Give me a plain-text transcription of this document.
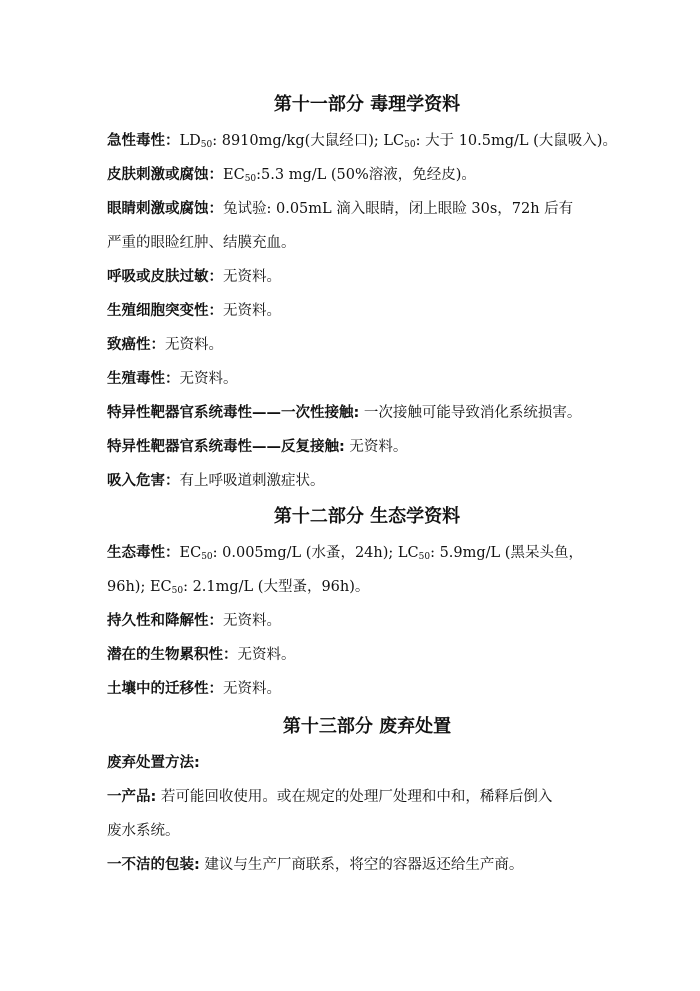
第十一部分 毒理学资料

急性毒性：$LD_{50}$: 8910mg/kg(大鼠经口); $LC_{50}$: 大于 10.5mg/L (大鼠吸入)。

皮肤刺激或腐蚀：$EC_{50}:5.3$ mg/L (50%溶液，免经皮)。

眼睛刺激或腐蚀：兔试验: 0.05mL 滴入眼睛，闭上眼睑 30s，72h 后有

严重的眼睑红肿、结膜充血。

呼吸或皮肤过敏：无资料。

生殖细胞突变性：无资料。

致癌性：无资料。

生殖毒性：无资料。

特异性靶器官系统毒性——一次性接触: 一次接触可能导致消化系统损害。

特异性靶器官系统毒性——反复接触: 无资料。

吸入危害：有上呼吸道刺激症状。

第十二部分 生态学资料

生态毒性：$EC_{50}$: 0.005mg/L (水蚤，24h); $LC_{50}$: 5.9mg/L (黑呆头鱼，

96h); $EC_{50}$: 2.1mg/L (大型蚤，96h)。

持久性和降解性：无资料。

潜在的生物累积性：无资料。

土壤中的迁移性：无资料。

第十三部分 废弃处置

废弃处置方法:

一产品: 若可能回收使用。或在规定的处理厂处理和中和，稀释后倒入

废水系统。

一不洁的包装: 建议与生产厂商联系，将空的容器返还给生产商。
